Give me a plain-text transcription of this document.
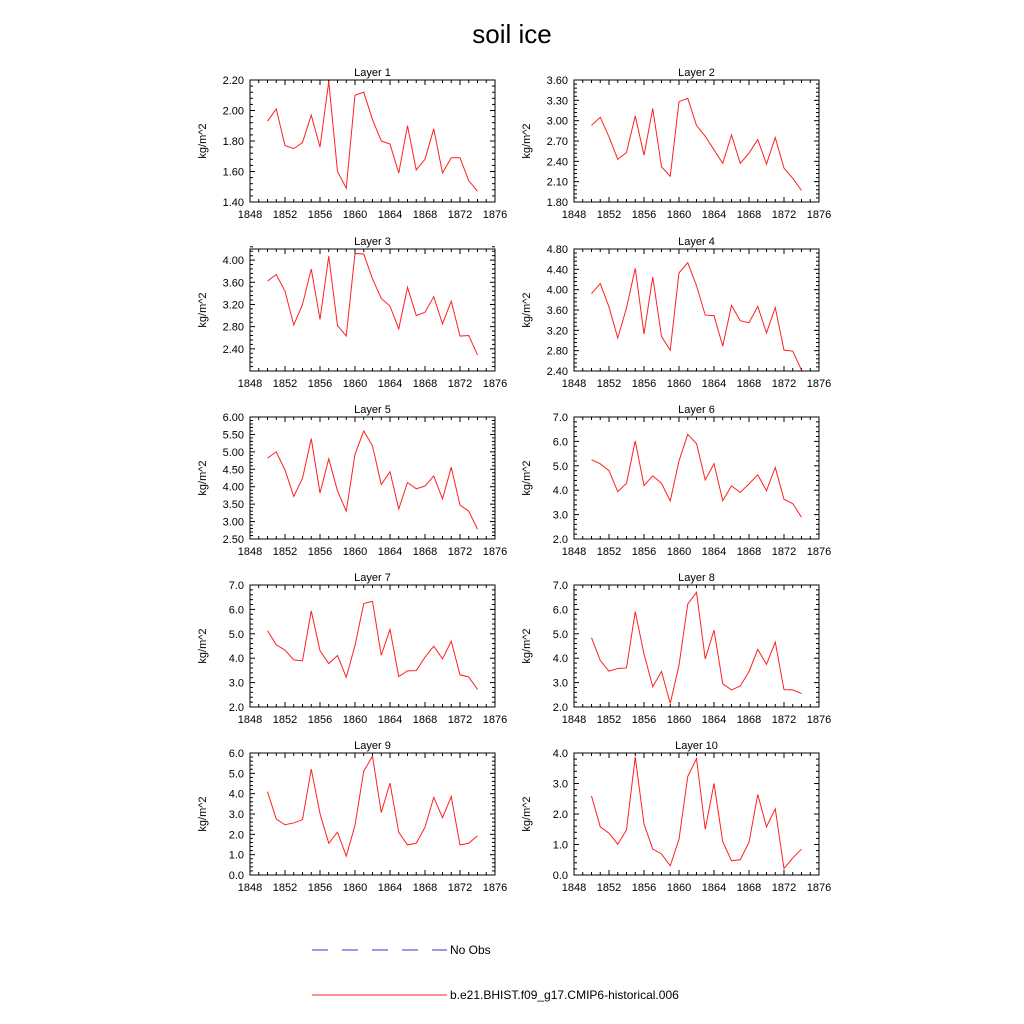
soil ice
Layer 1
kg/m^2
1848 1852 1856 1860 1864 1868 1872 1876
1.40
1.60
1.80
2.00
2.20
Layer 2
kg/m^2
1848 1852 1856 1860 1864 1868 1872 1876
1.80
2.10
2.40
2.70
3.00
3.30
3.60
Layer 3
kg/m^2
1848 1852 1856 1860 1864 1868 1872 1876
2.40
2.80
3.20
3.60
4.00
Layer 4
kg/m^2
1848 1852 1856 1860 1864 1868 1872 1876
2.40
2.80
3.20
3.60
4.00
4.40
4.80
Layer 5
kg/m^2
1848 1852 1856 1860 1864 1868 1872 1876
2.50
3.00
3.50
4.00
4.50
5.00
5.50
6.00
Layer 6
kg/m^2
1848 1852 1856 1860 1864 1868 1872 1876
2.0
3.0
4.0
5.0
6.0
7.0
Layer 7
kg/m^2
1848 1852 1856 1860 1864 1868 1872 1876
2.0
3.0
4.0
5.0
6.0
7.0
Layer 8
kg/m^2
1848 1852 1856 1860 1864 1868 1872 1876
2.0
3.0
4.0
5.0
6.0
7.0
Layer 9
kg/m^2
1848 1852 1856 1860 1864 1868 1872 1876
0.0
1.0
2.0
3.0
4.0
5.0
6.0
Layer 10
kg/m^2
1848 1852 1856 1860 1864 1868 1872 1876
0.0
1.0
2.0
3.0
4.0
No Obs
b.e21.BHIST.f09_g17.CMIP6-historical.006
